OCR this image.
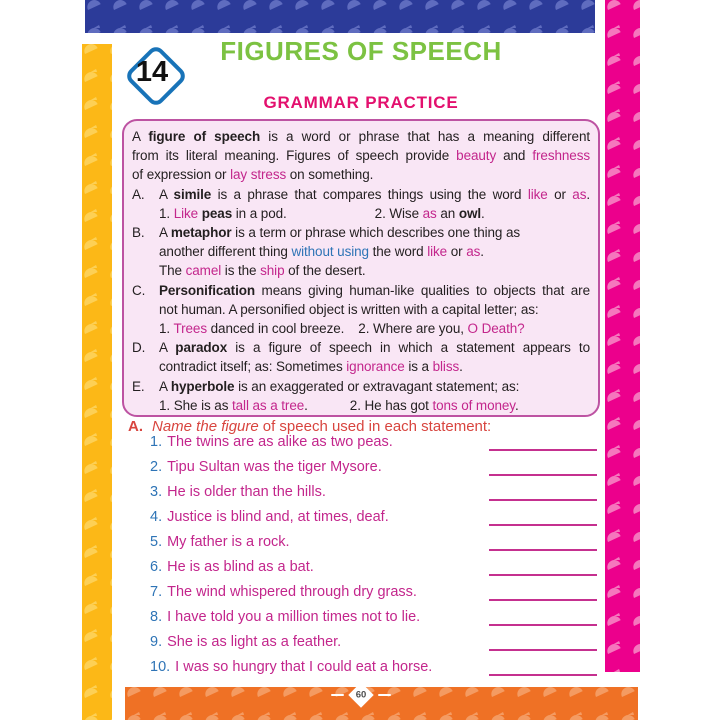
14
FIGURES OF SPEECH
GRAMMAR PRACTICE
A figure of speech is a word or phrase that has a meaning different
from its literal meaning. Figures of speech provide beauty and freshness
of expression or lay stress on something.
A. A simile is a phrase that compares things using the word like or as.
1. Like peas in a pod.	2. Wise as an owl.
B. A metaphor is a term or phrase which describes one thing as
another different thing without using the word like or as.
The camel is the ship of the desert.
C. Personification means giving human-like qualities to objects that are
not human. A personified object is written with a capital letter; as:
1. Trees danced in cool breeze. 2. Where are you, O Death?
D. A paradox is a figure of speech in which a statement appears to
contradict itself; as: Sometimes ignorance is a bliss.
E. A hyperbole is an exaggerated or extravagant statement; as:
1. She is as tall as a tree.	2. He has got tons of money.
A. Name the figure of speech used in each statement:
1. The twins are as alike as two peas.
2. Tipu Sultan was the tiger Mysore.
3. He is older than the hills.
4. Justice is blind and, at times, deaf.
5. My father is a rock.
6. He is as blind as a bat.
7. The wind whispered through dry grass.
8. I have told you a million times not to lie.
9. She is as light as a feather.
10. I was so hungry that I could eat a horse.
60
